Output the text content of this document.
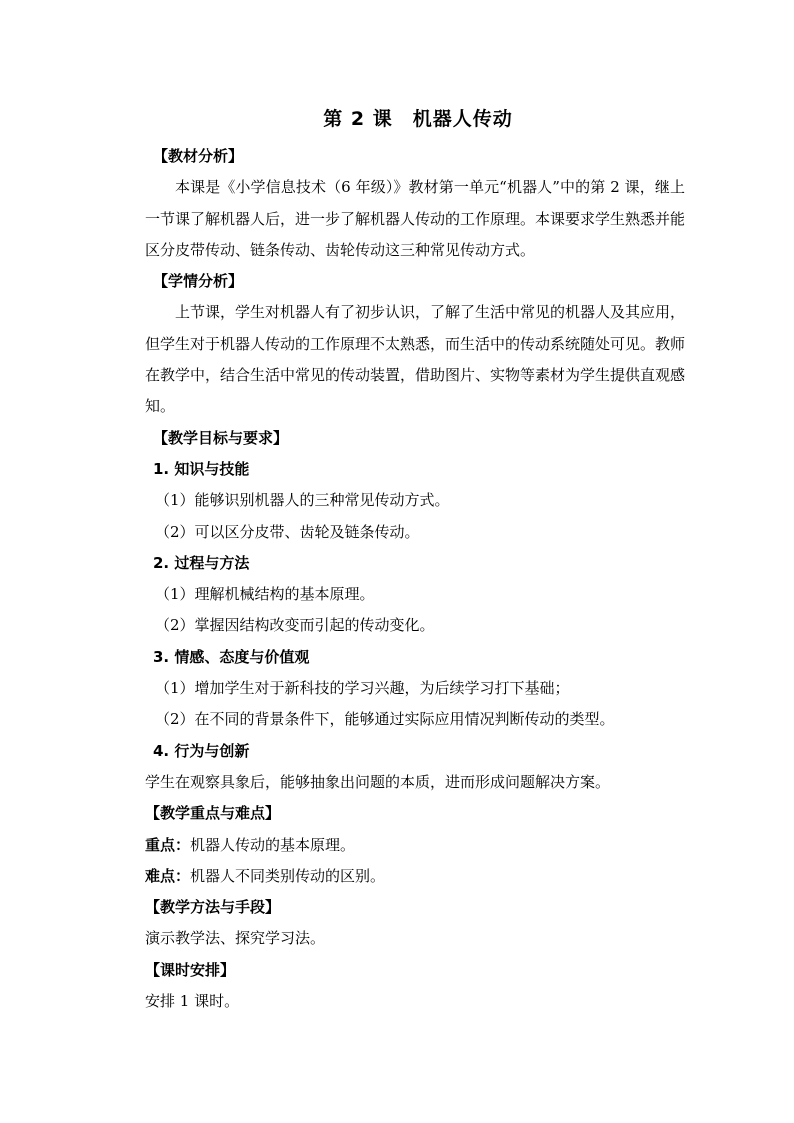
第 2 课　机器人传动
【教材分析】
本课是《小学信息技术（6 年级）》教材第一单元“机器人”中的第 2 课，继上一节课了解机器人后，进一步了解机器人传动的工作原理。本课要求学生熟悉并能区分皮带传动、链条传动、齿轮传动这三种常见传动方式。
【学情分析】
上节课，学生对机器人有了初步认识，了解了生活中常见的机器人及其应用，但学生对于机器人传动的工作原理不太熟悉，而生活中的传动系统随处可见。教师在教学中，结合生活中常见的传动装置，借助图片、实物等素材为学生提供直观感知。
【教学目标与要求】
1. 知识与技能
（1）能够识别机器人的三种常见传动方式。
（2）可以区分皮带、齿轮及链条传动。
2. 过程与方法
（1）理解机械结构的基本原理。
（2）掌握因结构改变而引起的传动变化。
3. 情感、态度与价值观
（1）增加学生对于新科技的学习兴趣，为后续学习打下基础；
（2）在不同的背景条件下，能够通过实际应用情况判断传动的类型。
4. 行为与创新
学生在观察具象后，能够抽象出问题的本质，进而形成问题解决方案。
【教学重点与难点】
重点：机器人传动的基本原理。
难点：机器人不同类别传动的区别。
【教学方法与手段】
演示教学法、探究学习法。
【课时安排】
安排 1 课时。
